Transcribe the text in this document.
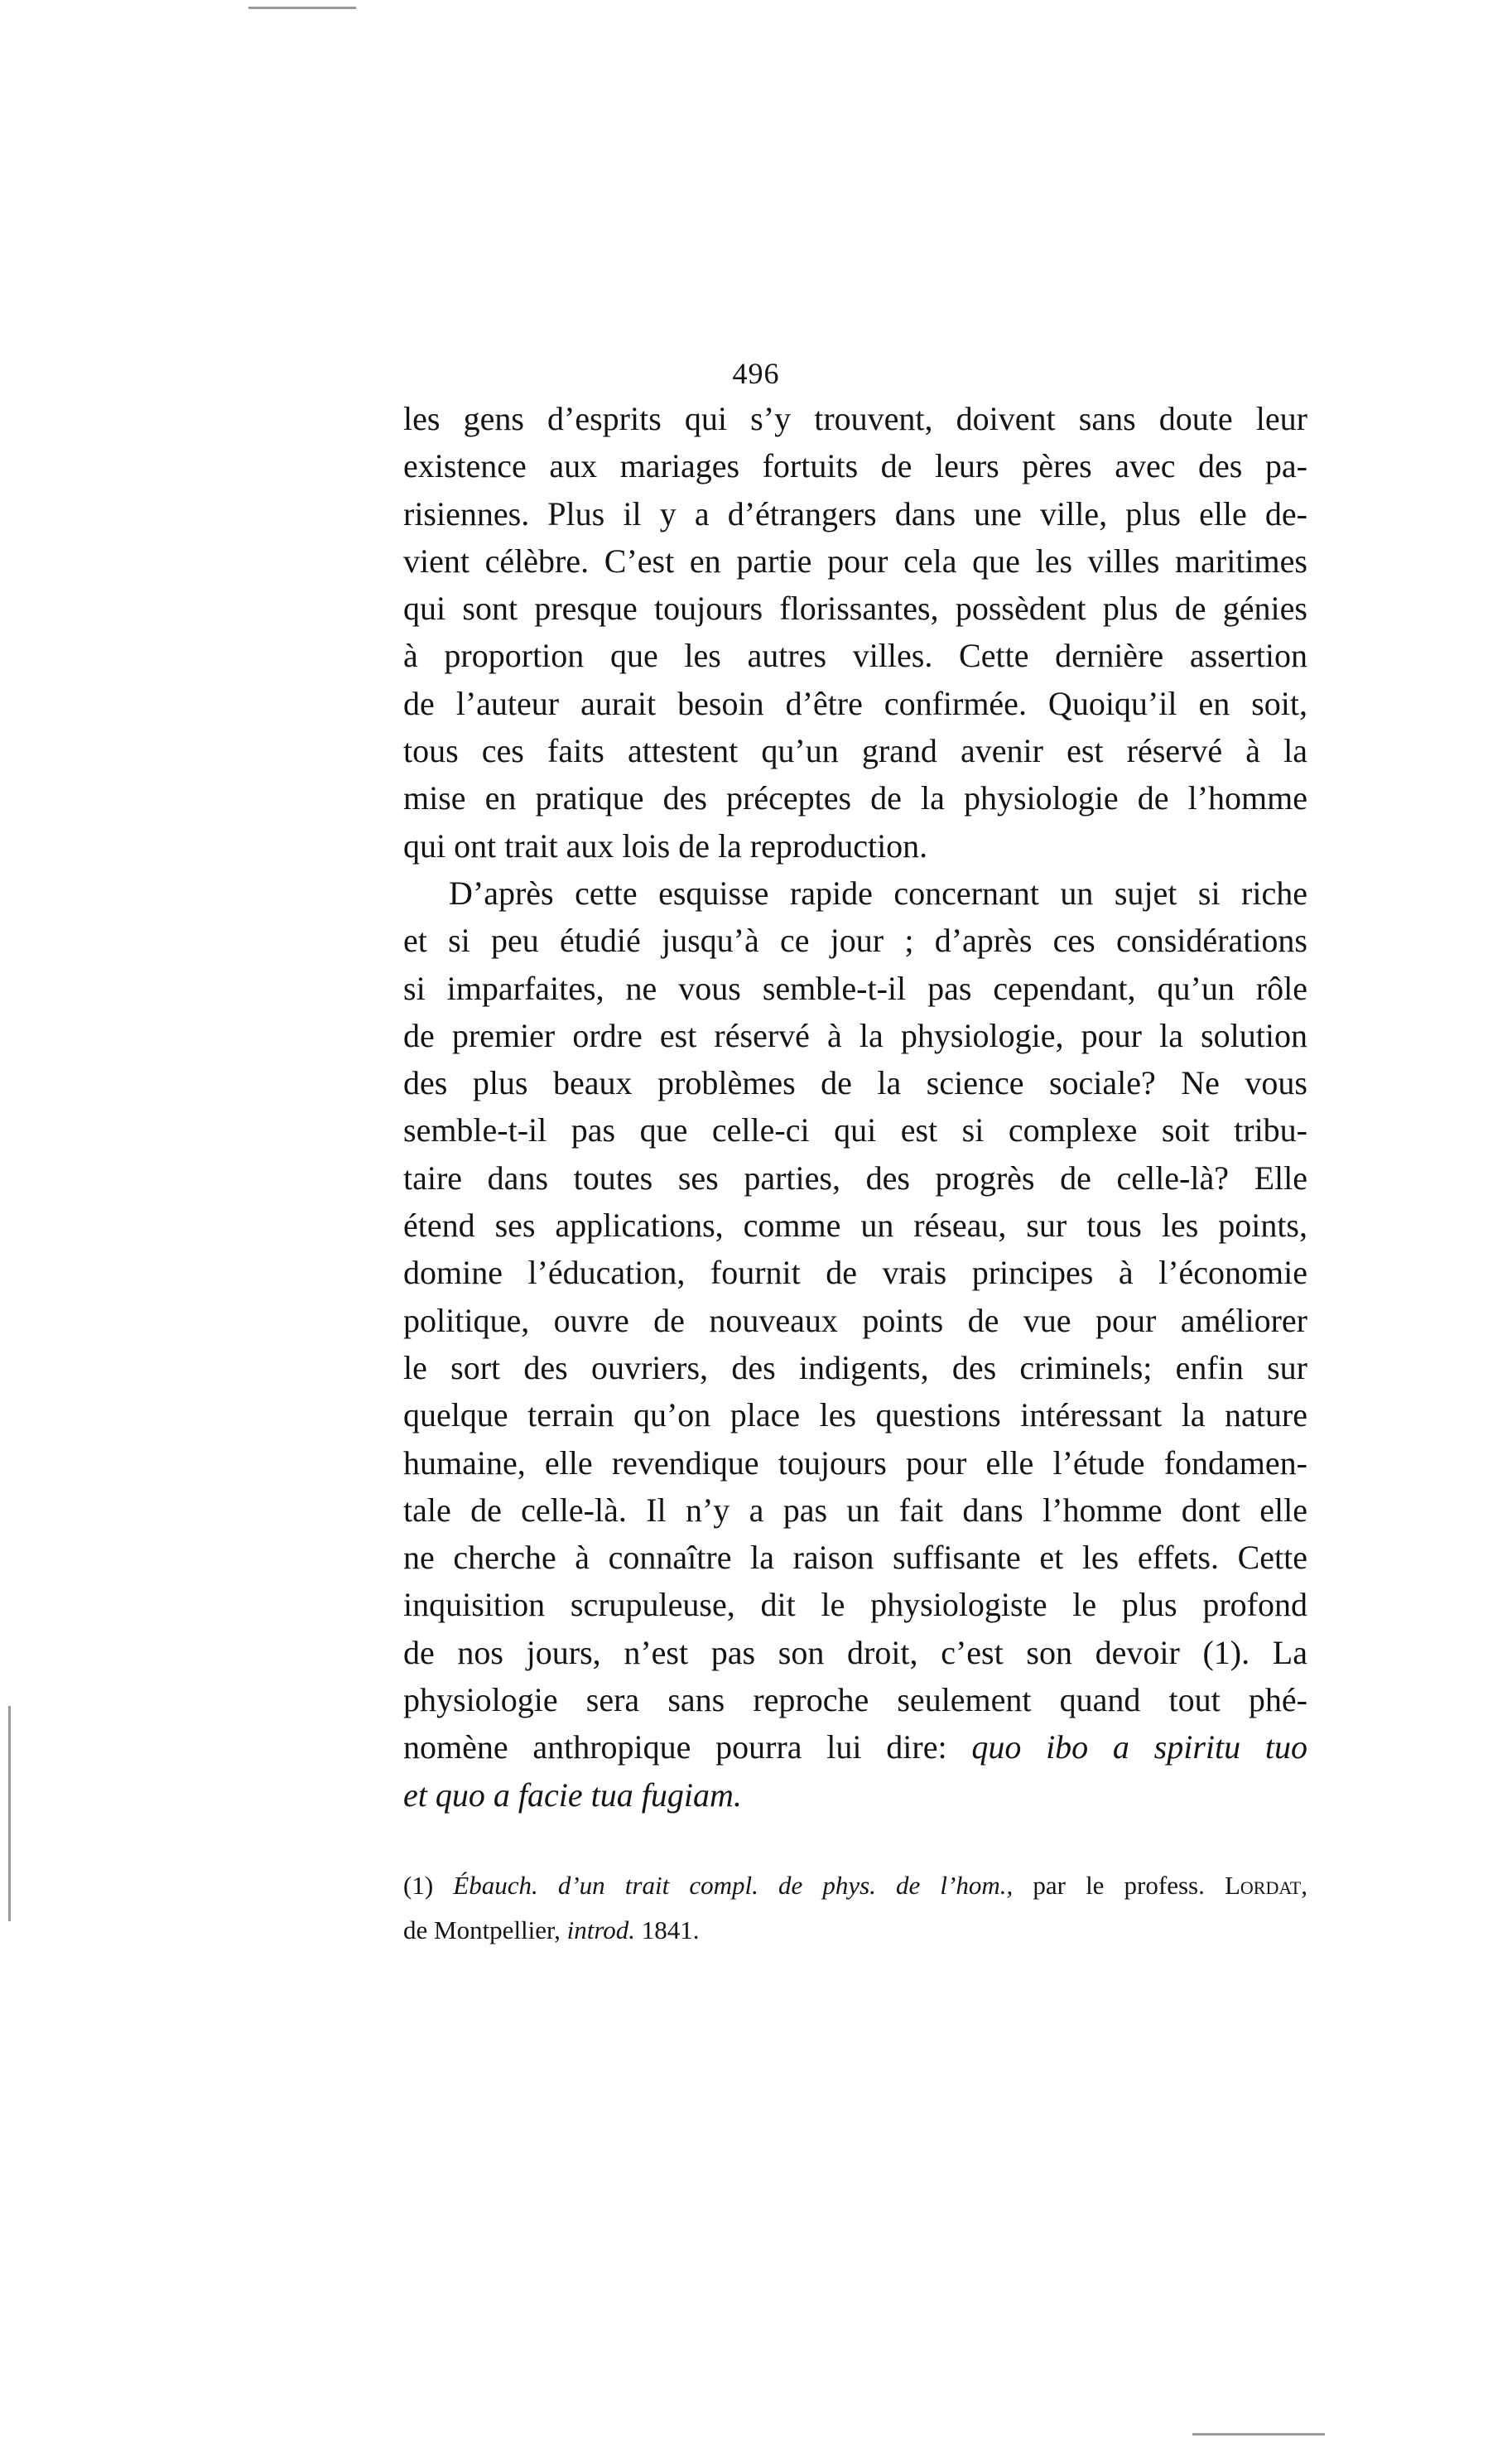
496
les gens d’esprits qui s’y trouvent, doivent sans doute leur
existence aux mariages fortuits de leurs pères avec des pa-
risiennes. Plus il y a d’étrangers dans une ville, plus elle de-
vient célèbre. C’est en partie pour cela que les villes maritimes
qui sont presque toujours florissantes, possèdent plus de génies
à proportion que les autres villes. Cette dernière assertion
de l’auteur aurait besoin d’être confirmée. Quoiqu’il en soit,
tous ces faits attestent qu’un grand avenir est réservé à la
mise en pratique des préceptes de la physiologie de l’homme
qui ont trait aux lois de la reproduction.
D’après cette esquisse rapide concernant un sujet si riche
et si peu étudié jusqu’à ce jour ; d’après ces considérations
si imparfaites, ne vous semble-t-il pas cependant, qu’un rôle
de premier ordre est réservé à la physiologie, pour la solution
des plus beaux problèmes de la science sociale? Ne vous
semble-t-il pas que celle-ci qui est si complexe soit tribu-
taire dans toutes ses parties, des progrès de celle-là? Elle
étend ses applications, comme un réseau, sur tous les points,
domine l’éducation, fournit de vrais principes à l’économie
politique, ouvre de nouveaux points de vue pour améliorer
le sort des ouvriers, des indigents, des criminels; enfin sur
quelque terrain qu’on place les questions intéressant la nature
humaine, elle revendique toujours pour elle l’étude fondamen-
tale de celle-là. Il n’y a pas un fait dans l’homme dont elle
ne cherche à connaître la raison suffisante et les effets. Cette
inquisition scrupuleuse, dit le physiologiste le plus profond
de nos jours, n’est pas son droit, c’est son devoir (1). La
physiologie sera sans reproche seulement quand tout phé-
nomène anthropique pourra lui dire: quo ibo a spiritu tuo
et quo a facie tua fugiam.
(1) Ébauch. d’un trait compl. de phys. de l’hom., par le profess. Lordat,
de Montpellier, introd. 1841.
